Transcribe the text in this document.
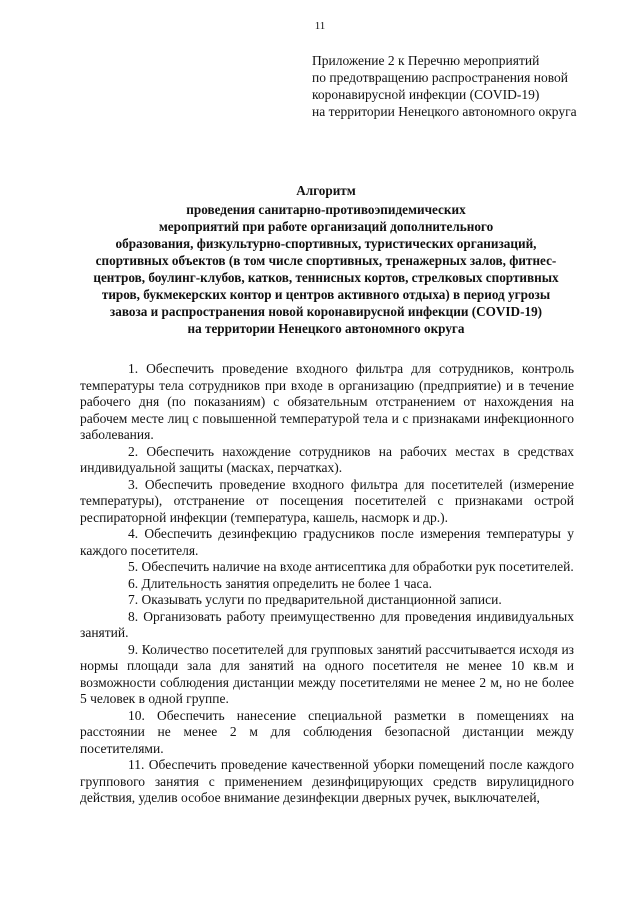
11
Приложение 2 к Перечню мероприятий
по предотвращению распространения новой
коронавирусной инфекции (COVID-19)
на территории Ненецкого автономного округа
Алгоритм
проведения санитарно-противоэпидемических
мероприятий при работе организаций дополнительного
образования, физкультурно-спортивных, туристических организаций,
спортивных объектов (в том числе спортивных, тренажерных залов, фитнес-
центров, боулинг-клубов, катков, теннисных кортов, стрелковых спортивных
тиров, букмекерских контор и центров активного отдыха) в период угрозы
завоза и распространения новой коронавирусной инфекции (COVID-19)
на территории Ненецкого автономного округа

1. Обеспечить проведение входного фильтра для сотрудников, контроль температуры тела сотрудников при входе в организацию (предприятие) и в течение рабочего дня (по показаниям) с обязательным отстранением от нахождения на рабочем месте лиц с повышенной температурой тела и с признаками инфекционного заболевания.

2. Обеспечить нахождение сотрудников на рабочих местах в средствах индивидуальной защиты (масках, перчатках).

3. Обеспечить проведение входного фильтра для посетителей (измерение температуры), отстранение от посещения посетителей с признаками острой респираторной инфекции (температура, кашель, насморк и др.).

4. Обеспечить дезинфекцию градусников после измерения температуры у каждого посетителя.

5. Обеспечить наличие на входе антисептика для обработки рук посетителей.

6. Длительность занятия определить не более 1 часа.

7. Оказывать услуги по предварительной дистанционной записи.

8. Организовать работу преимущественно для проведения индивидуальных занятий.

9. Количество посетителей для групповых занятий рассчитывается исходя из нормы площади зала для занятий на одного посетителя не менее 10 кв.м и возможности соблюдения дистанции между посетителями не менее 2 м, но не более 5 человек в одной группе.

10. Обеспечить нанесение специальной разметки в помещениях на расстоянии не менее 2 м для соблюдения безопасной дистанции между посетителями.

11. Обеспечить проведение качественной уборки помещений после каждого группового занятия с применением дезинфицирующих средств вирулицидного действия, уделив особое внимание дезинфекции дверных ручек, выключателей,
